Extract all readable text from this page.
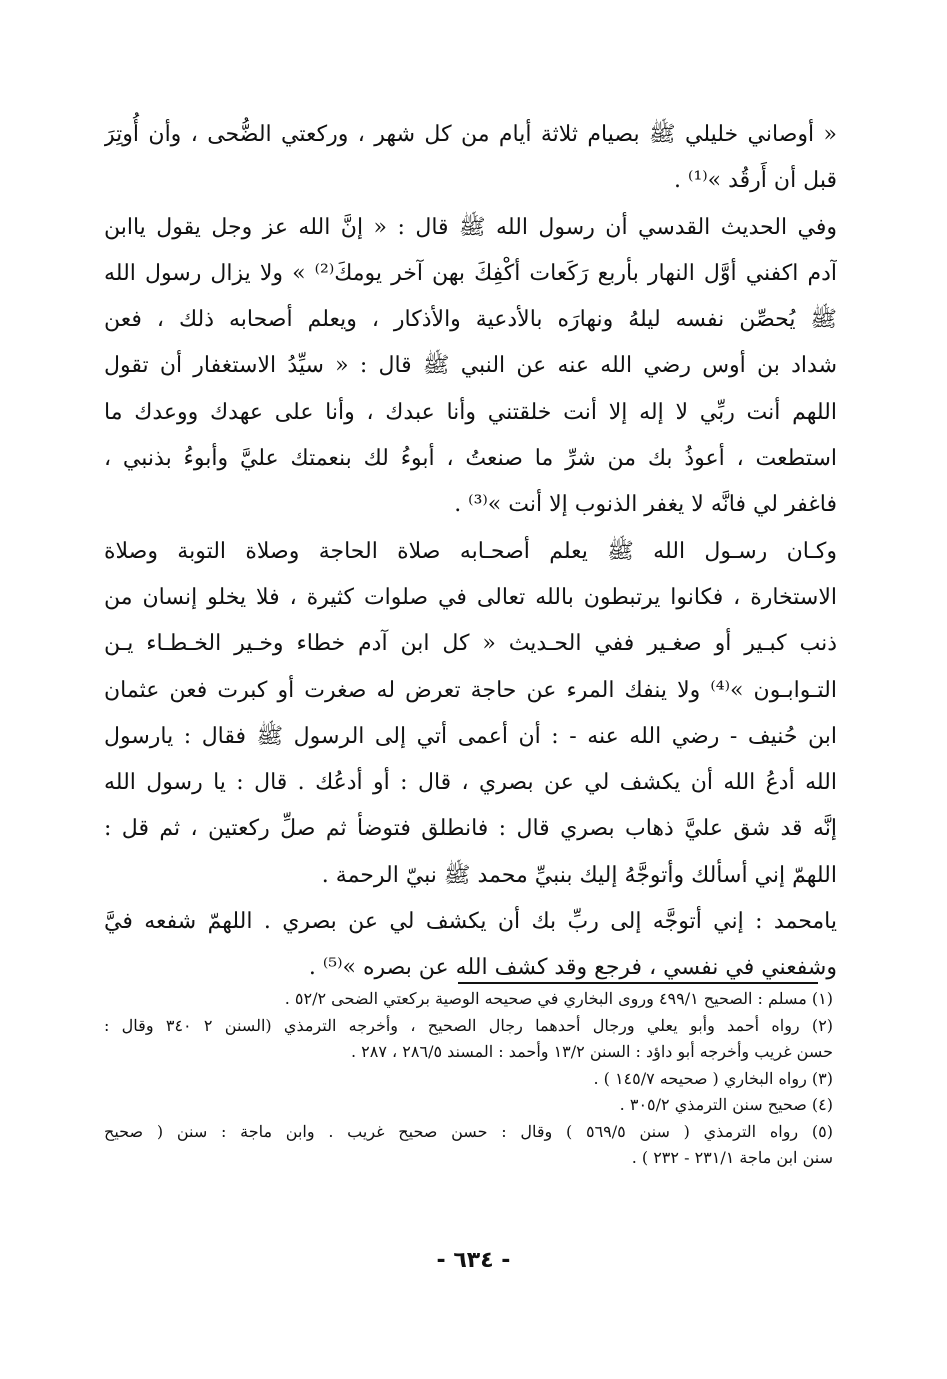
« أوصاني خليلي ﷺ بصيام ثلاثة أيام من كل شهر ، وركعتي الضُّحى ، وأن أُوتِرَ
قبل أن أَرقُد »⁽¹⁾ .
وفي الحديث القدسي أن رسول الله ﷺ قال : « إنَّ الله عز وجل يقول ياابن
آدم اكفني أوَّل النهار بأربع رَكَعات أكْفِكَ بهن آخر يومكَ⁽²⁾ » ولا يزال رسول الله
ﷺ يُحصِّن نفسه ليلهُ ونهارَه بالأدعية والأذكار ، ويعلم أصحابه ذلك ، فعن
شداد بن أوس رضي الله عنه عن النبي ﷺ قال : « سيِّدُ الاستغفار أن تقول
اللهم أنت ربِّي لا إله إلا أنت خلقتني وأنا عبدك ، وأنا على عهدك ووعدك ما
استطعت ، أعوذُ بك من شرِّ ما صنعتُ ، أبوءُ لك بنعمتك عليَّ وأبوءُ بذنبي ،
فاغفر لي فانَّه لا يغفر الذنوب إلا أنت »⁽³⁾ .
وكـان رسـول الله ﷺ يعلم أصحـابه صلاة الحاجة وصلاة التوبة وصلاة
الاستخارة ، فكانوا يرتبطون بالله تعالى في صلوات كثيرة ، فلا يخلو إنسان من
ذنب كبـير أو صغـير ففي الحـديث « كل ابن آدم خطاء وخـير الخـطـاء يـن
التـوابـون »⁽⁴⁾ ولا ينفك المرء عن حاجة تعرض له صغرت أو كبرت فعن عثمان
ابن حُنيف - رضي الله عنه - : أن أعمى أتي إلى الرسول ﷺ فقال : يارسول
الله أدعُ الله أن يكشف لي عن بصري ، قال : أو أدعُك . قال : يا رسول الله
إنَّه قد شق عليَّ ذهاب بصري قال : فانطلق فتوضأ ثم صلِّ ركعتين ، ثم قل :
اللهمّ إني أسألك وأتوجَّهُ إليك بنبيِّ محمد ﷺ نبيّ الرحمة .
يامحمد : إني أتوجَّه إلى ربِّ بك أن يكشف لي عن بصري . اللهمّ شفعه فيَّ
وشفعني في نفسي ، فرجع وقد كشف الله عن بصره »⁽⁵⁾ .
(١) مسلم : الصحيح ٤٩٩/١ وروى البخاري في صحيحه الوصية بركعتي الضحى ٥٢/٢ .
(٢) رواه أحمد وأبو يعلي ورجال أحدهما رجال الصحيح ، وأخرجه الترمذي (السنن ٢ ٣٤٠ وقال :
حسن غريب وأخرجه أبو داؤد : السنن ١٣/٢ وأحمد : المسند ٢٨٦/٥ ، ٢٨٧ .
(٣) رواه البخاري ( صحيحه ١٤٥/٧ ) .
(٤) صحيح سنن الترمذي ٣٠٥/٢ .
(٥) رواه الترمذي ( سنن ٥٦٩/٥ ) وقال : حسن صحيح غريب . وابن ماجة : سنن ( صحيح
سنن ابن ماجة ٢٣١/١ - ٢٣٢ ) .
- ٦٣٤ -
